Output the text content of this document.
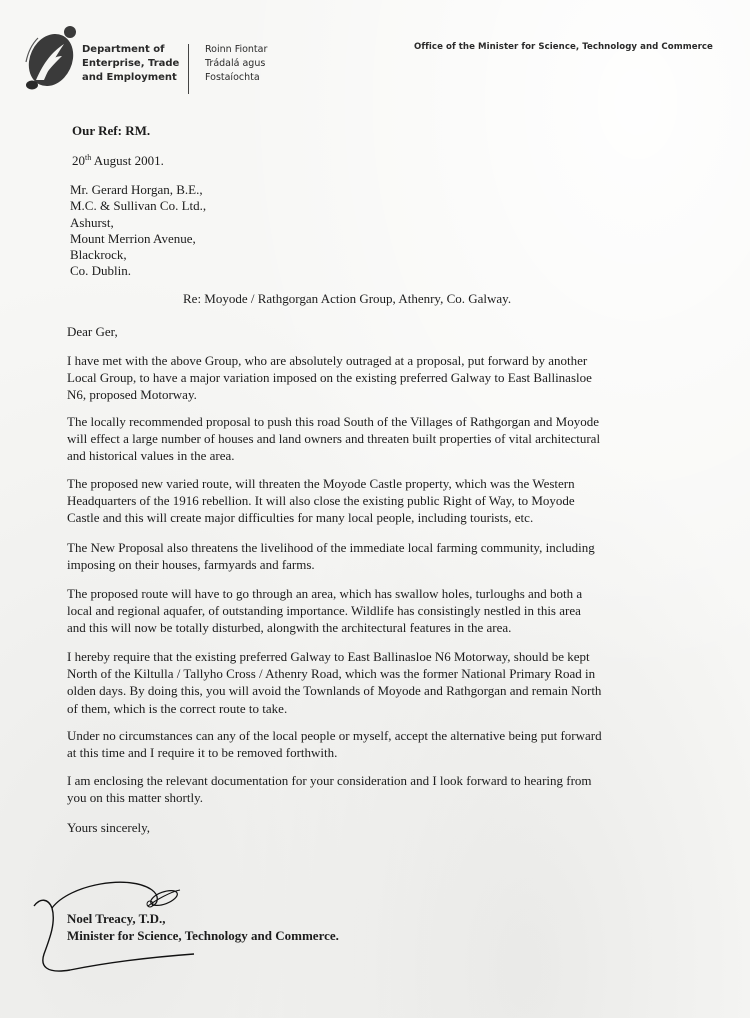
Department of
Enterprise, Trade
and Employment
Roinn Fiontar
Trádalá agus
Fostaíochta
Office of the Minister for Science, Technology and Commerce
Our Ref: RM.
20th August 2001.
Mr. Gerard Horgan, B.E.,
M.C. & Sullivan Co. Ltd.,
Ashurst,
Mount Merrion Avenue,
Blackrock,
Co. Dublin.
Re: Moyode / Rathgorgan Action Group, Athenry, Co. Galway.
Dear Ger,
I have met with the above Group, who are absolutely outraged at a proposal, put forward by another
Local Group, to have a major variation imposed on the existing preferred Galway to East Ballinasloe
N6, proposed Motorway.
The locally recommended proposal to push this road South of the Villages of Rathgorgan and Moyode
will effect a large number of houses and land owners and threaten built properties of vital architectural
and historical values in the area.
The proposed new varied route, will threaten the Moyode Castle property, which was the Western
Headquarters of the 1916 rebellion. It will also close the existing public Right of Way, to Moyode
Castle and this will create major difficulties for many local people, including tourists, etc.
The New Proposal also threatens the livelihood of the immediate local farming community, including
imposing on their houses, farmyards and farms.
The proposed route will have to go through an area, which has swallow holes, turloughs and both a
local and regional aquafer, of outstanding importance. Wildlife has consistingly nestled in this area
and this will now be totally disturbed, alongwith the architectural features in the area.
I hereby require that the existing preferred Galway to East Ballinasloe N6 Motorway, should be kept
North of the Kiltulla / Tallyho Cross / Athenry Road, which was the former National Primary Road in
olden days. By doing this, you will avoid the Townlands of Moyode and Rathgorgan and remain North
of them, which is the correct route to take.
Under no circumstances can any of the local people or myself, accept the alternative being put forward
at this time and I require it to be removed forthwith.
I am enclosing the relevant documentation for your consideration and I look forward to hearing from
you on this matter shortly.
Yours sincerely,
Noel Treacy, T.D.,
Minister for Science, Technology and Commerce.
